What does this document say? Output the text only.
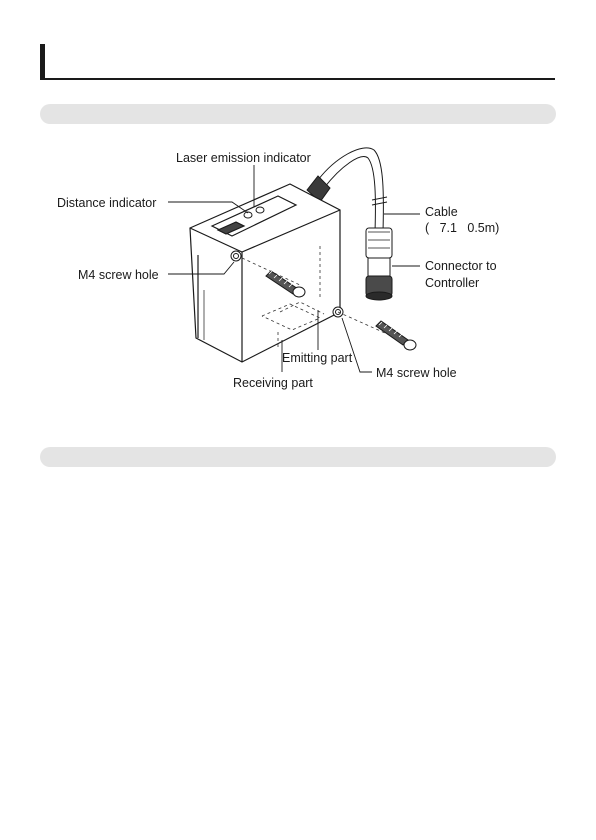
Laser emission indicator
Distance indicator
M4 screw hole
Cable
(   7.1   0.5m)
Connector to
Controller
Emitting part
Receiving part
M4 screw hole
